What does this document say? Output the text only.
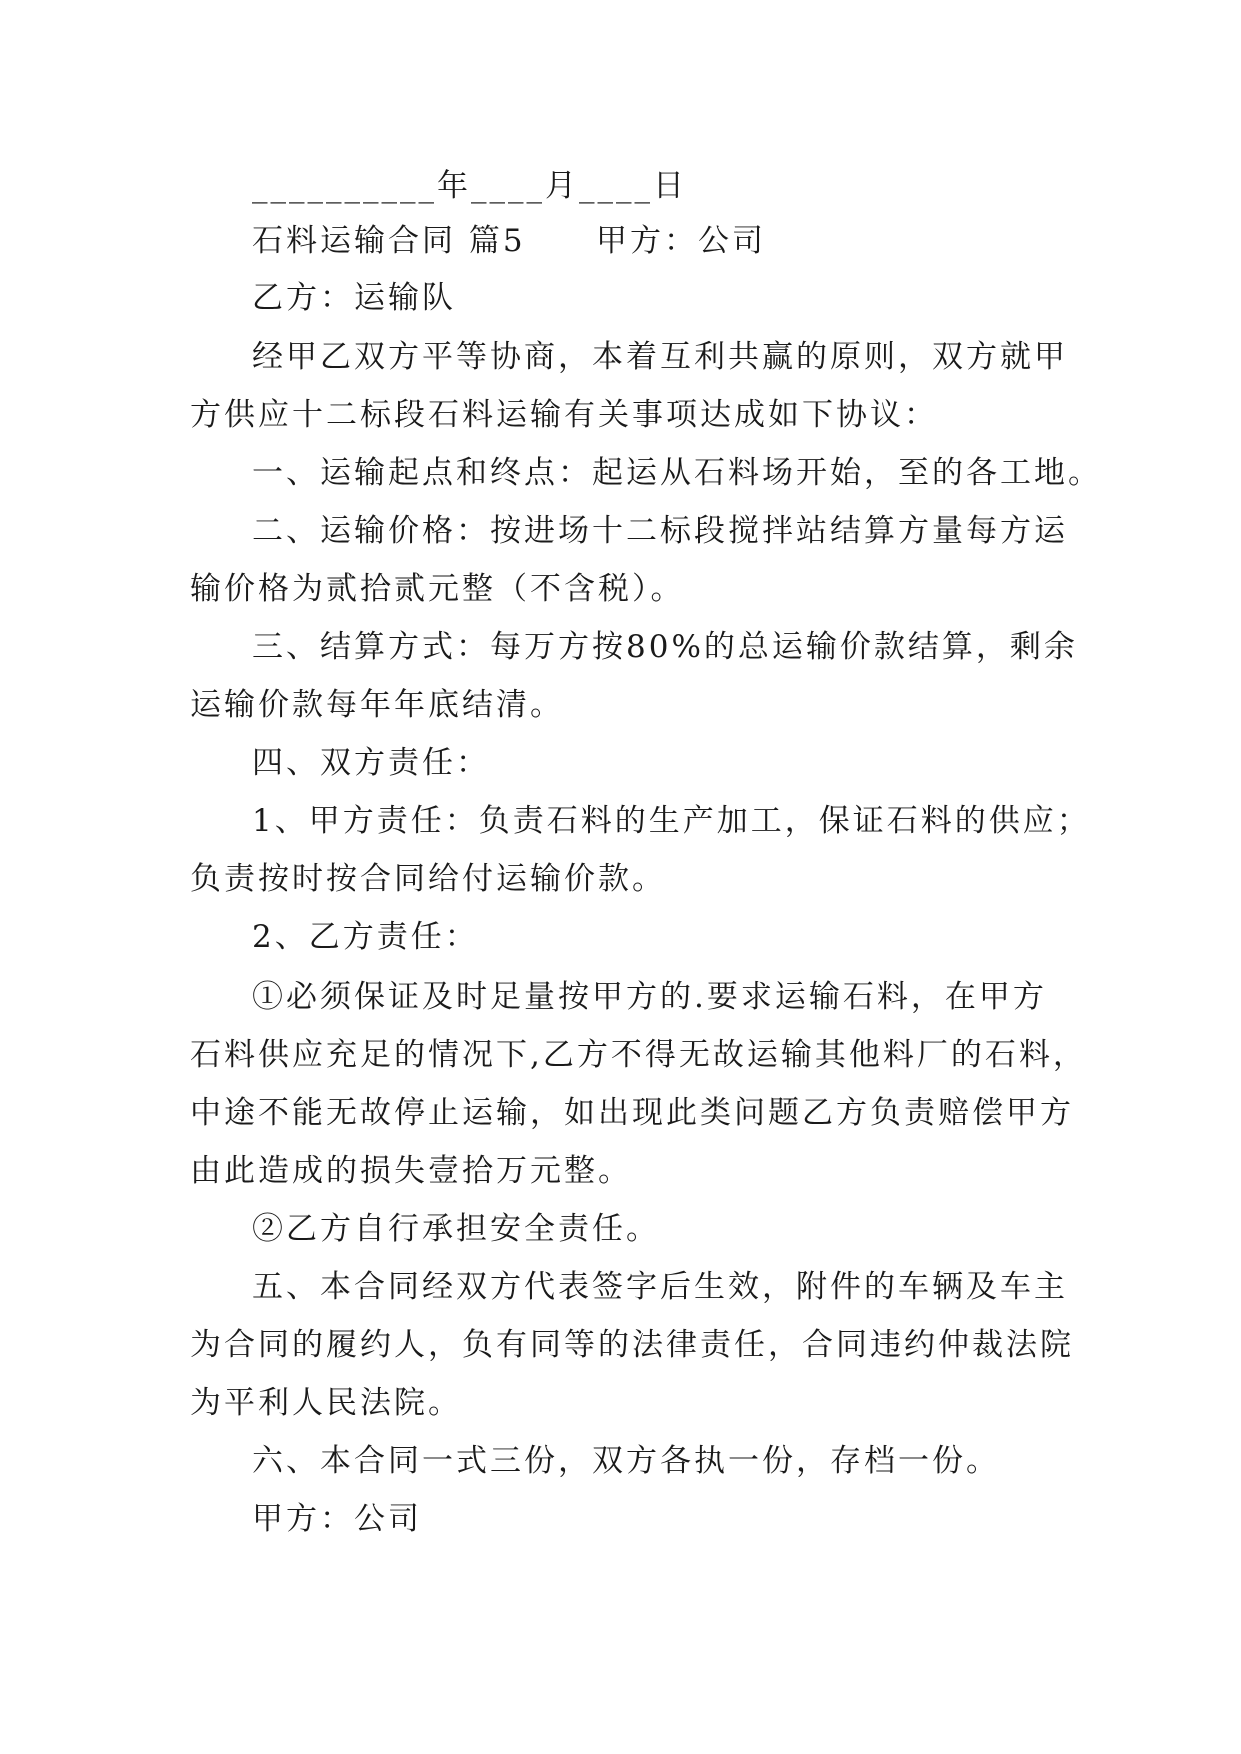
__________年____月____日
石料运输合同 篇5 甲方：公司
乙方：运输队
经甲乙双方平等协商，本着互利共赢的原则，双方就甲
方供应十二标段石料运输有关事项达成如下协议：
一、运输起点和终点：起运从石料场开始，至的各工地。
二、运输价格：按进场十二标段搅拌站结算方量每方运
输价格为贰拾贰元整（不含税）。
三、结算方式：每万方按80%的总运输价款结算，剩余
运输价款每年年底结清。
四、双方责任：
1、甲方责任：负责石料的生产加工，保证石料的供应；
负责按时按合同给付运输价款。
2、乙方责任：
①必须保证及时足量按甲方的.要求运输石料，在甲方
石料供应充足的情况下,乙方不得无故运输其他料厂的石料，
中途不能无故停止运输，如出现此类问题乙方负责赔偿甲方
由此造成的损失壹拾万元整。
②乙方自行承担安全责任。
五、本合同经双方代表签字后生效，附件的车辆及车主
为合同的履约人，负有同等的法律责任，合同违约仲裁法院
为平利人民法院。
六、本合同一式三份，双方各执一份，存档一份。
甲方：公司
